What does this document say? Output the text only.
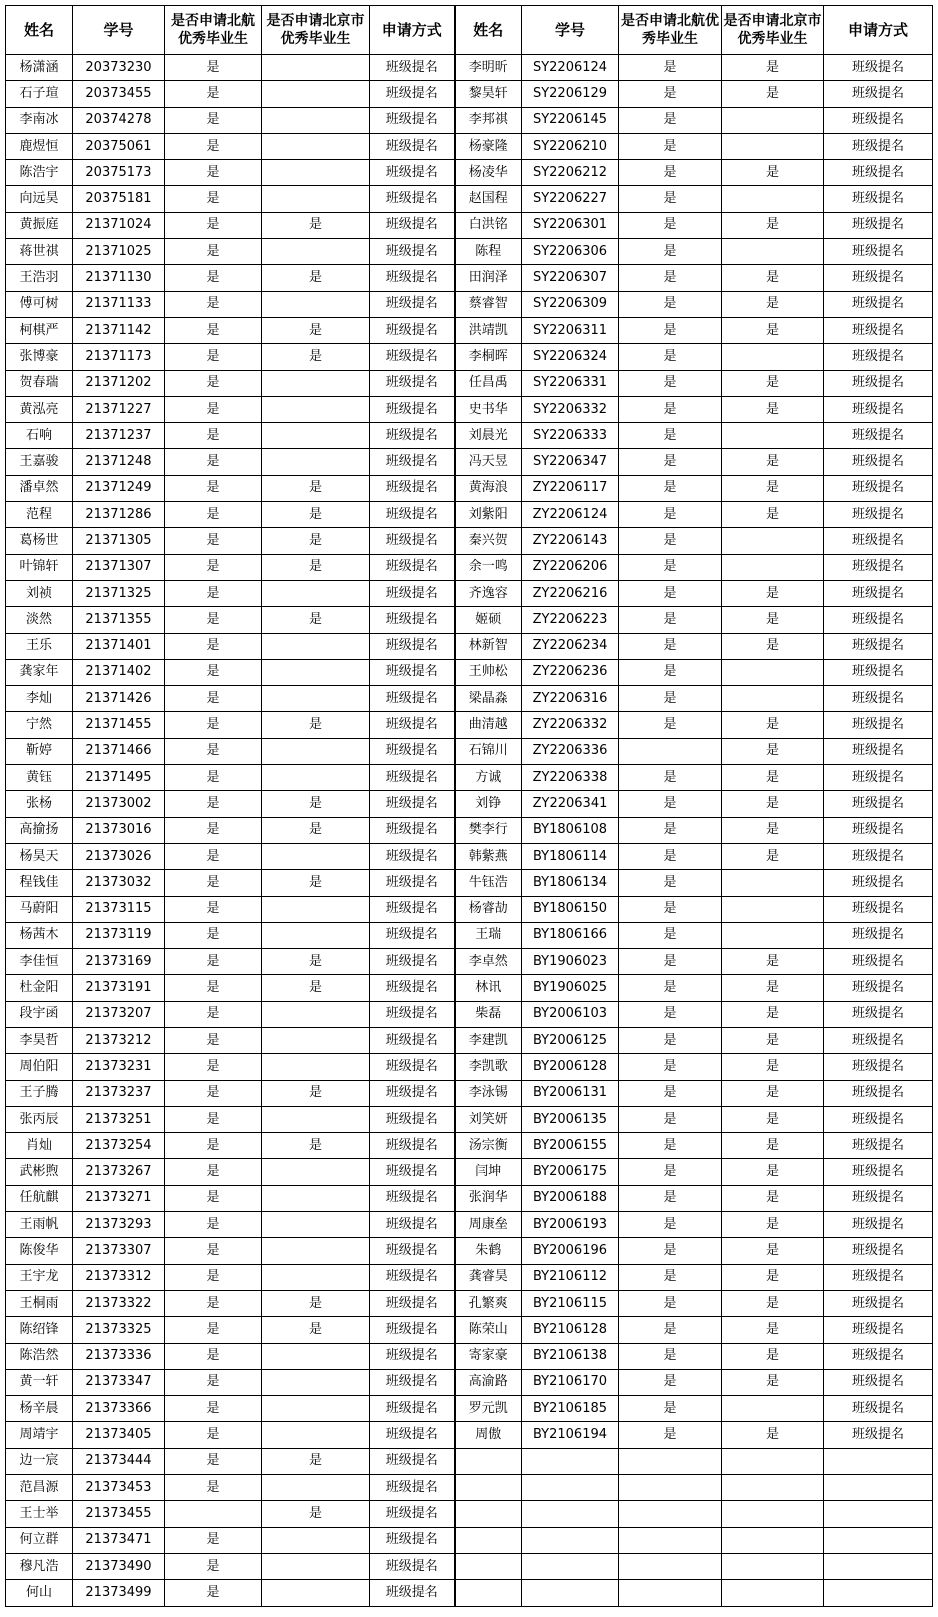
姓名	学号	是否申请北航优秀毕业生	是否申请北京市优秀毕业生	申请方式	姓名	学号	是否申请北航优秀毕业生	是否申请北京市优秀毕业生	申请方式
杨潇涵	20373230	是		班级提名	李明昕	SY2206124	是	是	班级提名
石子瑄	20373455	是		班级提名	黎昊轩	SY2206129	是	是	班级提名
李南冰	20374278	是		班级提名	李邦祺	SY2206145	是		班级提名
鹿煜恒	20375061	是		班级提名	杨豪隆	SY2206210	是		班级提名
陈浩宇	20375173	是		班级提名	杨凌华	SY2206212	是	是	班级提名
向远昊	20375181	是		班级提名	赵国程	SY2206227	是		班级提名
黄振庭	21371024	是	是	班级提名	白洪铭	SY2206301	是	是	班级提名
蒋世祺	21371025	是		班级提名	陈程	SY2206306	是		班级提名
王浩羽	21371130	是	是	班级提名	田润泽	SY2206307	是	是	班级提名
傅可树	21371133	是		班级提名	蔡睿智	SY2206309	是	是	班级提名
柯棋严	21371142	是	是	班级提名	洪靖凯	SY2206311	是	是	班级提名
张博豪	21371173	是	是	班级提名	李桐晖	SY2206324	是		班级提名
贺春瑞	21371202	是		班级提名	任昌禹	SY2206331	是	是	班级提名
黄泓亮	21371227	是		班级提名	史书华	SY2206332	是	是	班级提名
石响	21371237	是		班级提名	刘晨光	SY2206333	是		班级提名
王嘉骏	21371248	是		班级提名	冯天昱	SY2206347	是	是	班级提名
潘卓然	21371249	是	是	班级提名	黄海浪	ZY2206117	是	是	班级提名
范程	21371286	是	是	班级提名	刘紫阳	ZY2206124	是	是	班级提名
葛杨世	21371305	是	是	班级提名	秦兴贺	ZY2206143	是		班级提名
叶锦轩	21371307	是	是	班级提名	余一鸣	ZY2206206	是		班级提名
刘祯	21371325	是		班级提名	齐逸容	ZY2206216	是	是	班级提名
淡然	21371355	是	是	班级提名	姬硕	ZY2206223	是	是	班级提名
王乐	21371401	是		班级提名	林新智	ZY2206234	是	是	班级提名
龚家年	21371402	是		班级提名	王帅松	ZY2206236	是		班级提名
李灿	21371426	是		班级提名	梁晶淼	ZY2206316	是		班级提名
宁然	21371455	是	是	班级提名	曲清越	ZY2206332	是	是	班级提名
靳婷	21371466	是		班级提名	石锦川	ZY2206336		是	班级提名
黄钰	21371495	是		班级提名	方诚	ZY2206338	是	是	班级提名
张杨	21373002	是	是	班级提名	刘铮	ZY2206341	是	是	班级提名
高揄扬	21373016	是	是	班级提名	樊李行	BY1806108	是	是	班级提名
杨昊天	21373026	是		班级提名	韩紫燕	BY1806114	是	是	班级提名
程钱佳	21373032	是	是	班级提名	牛钰浩	BY1806134	是		班级提名
马蔚阳	21373115	是		班级提名	杨睿劼	BY1806150	是		班级提名
杨茜木	21373119	是		班级提名	王瑞	BY1806166	是		班级提名
李佳恒	21373169	是	是	班级提名	李卓然	BY1906023	是	是	班级提名
杜金阳	21373191	是	是	班级提名	林讯	BY1906025	是	是	班级提名
段宇函	21373207	是		班级提名	柴磊	BY2006103	是	是	班级提名
李昊哲	21373212	是		班级提名	李建凯	BY2006125	是	是	班级提名
周伯阳	21373231	是		班级提名	李凯歌	BY2006128	是	是	班级提名
王子腾	21373237	是	是	班级提名	李泳锡	BY2006131	是	是	班级提名
张丙辰	21373251	是		班级提名	刘笑妍	BY2006135	是	是	班级提名
肖灿	21373254	是	是	班级提名	汤宗衡	BY2006155	是	是	班级提名
武彬煦	21373267	是		班级提名	闫坤	BY2006175	是	是	班级提名
任航麒	21373271	是		班级提名	张润华	BY2006188	是	是	班级提名
王雨帆	21373293	是		班级提名	周康垒	BY2006193	是	是	班级提名
陈俊华	21373307	是		班级提名	朱鹤	BY2006196	是	是	班级提名
王宇龙	21373312	是		班级提名	龚睿昊	BY2106112	是	是	班级提名
王桐雨	21373322	是	是	班级提名	孔繁爽	BY2106115	是	是	班级提名
陈绍锋	21373325	是	是	班级提名	陈荣山	BY2106128	是	是	班级提名
陈浩然	21373336	是		班级提名	寄家豪	BY2106138	是	是	班级提名
黄一轩	21373347	是		班级提名	高渝路	BY2106170	是	是	班级提名
杨辛晨	21373366	是		班级提名	罗元凯	BY2106185	是		班级提名
周靖宇	21373405	是		班级提名	周傲	BY2106194	是	是	班级提名
边一宸	21373444	是	是	班级提名					
范昌源	21373453	是		班级提名					
王士举	21373455		是	班级提名					
何立群	21373471	是		班级提名					
穆凡浩	21373490	是		班级提名					
何山	21373499	是		班级提名					
